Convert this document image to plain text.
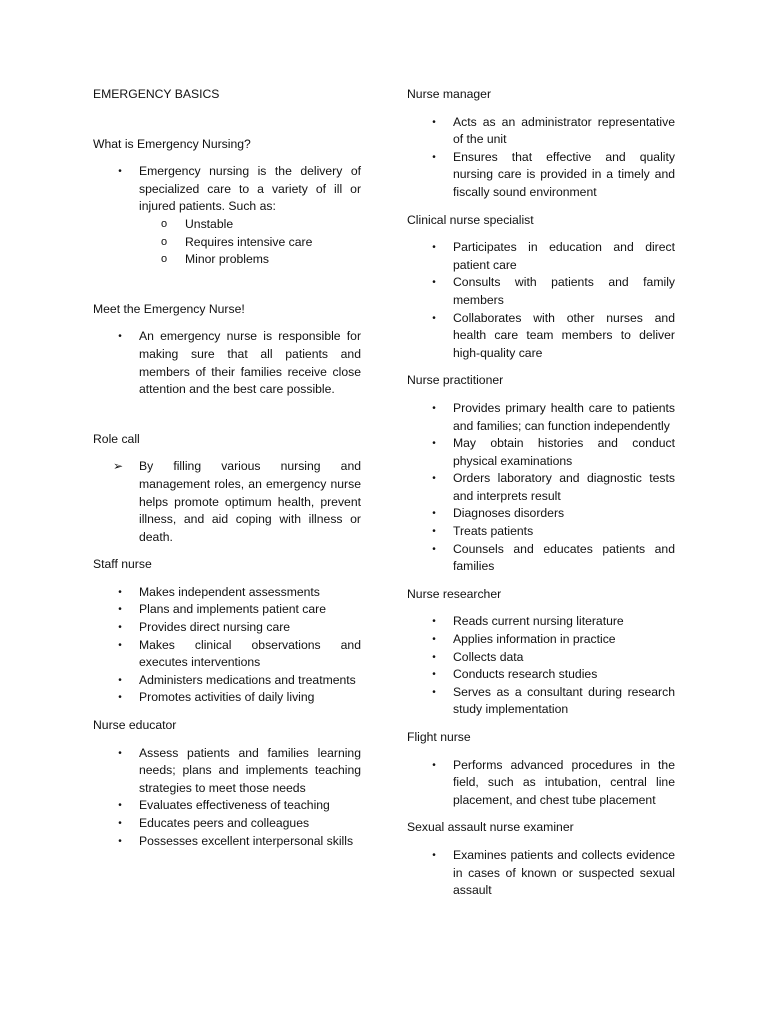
EMERGENCY BASICS

What is Emergency Nursing?

•	Emergency nursing is the delivery of specialized care to a variety of ill or injured patients. Such as:
o Unstable
o Requires intensive care
o Minor problems

Meet the Emergency Nurse!

•	An emergency nurse is responsible for making sure that all patients and members of their families receive close attention and the best care possible.

Role call

➢ By filling various nursing and management roles, an emergency nurse helps promote optimum health, prevent illness, and aid coping with illness or death.

Staff nurse

•	Makes independent assessments
•	Plans and implements patient care
•	Provides direct nursing care
•	Makes clinical observations and executes interventions
•	Administers medications and treatments
•	Promotes activities of daily living

Nurse educator

•	Assess patients and families learning needs; plans and implements teaching strategies to meet those needs
•	Evaluates effectiveness of teaching
•	Educates peers and colleagues
•	Possesses excellent interpersonal skills

Nurse manager

•	Acts as an administrator representative of the unit
•	Ensures that effective and quality nursing care is provided in a timely and fiscally sound environment

Clinical nurse specialist

•	Participates in education and direct patient care
•	Consults with patients and family members
•	Collaborates with other nurses and health care team members to deliver high-quality care

Nurse practitioner

•	Provides primary health care to patients and families; can function independently
•	May obtain histories and conduct physical examinations
•	Orders laboratory and diagnostic tests and interprets result
•	Diagnoses disorders
•	Treats patients
•	Counsels and educates patients and families

Nurse researcher

•	Reads current nursing literature
•	Applies information in practice
•	Collects data
•	Conducts research studies
•	Serves as a consultant during research study implementation

Flight nurse

•	Performs advanced procedures in the field, such as intubation, central line placement, and chest tube placement

Sexual assault nurse examiner

•	Examines patients and collects evidence in cases of known or suspected sexual assault
